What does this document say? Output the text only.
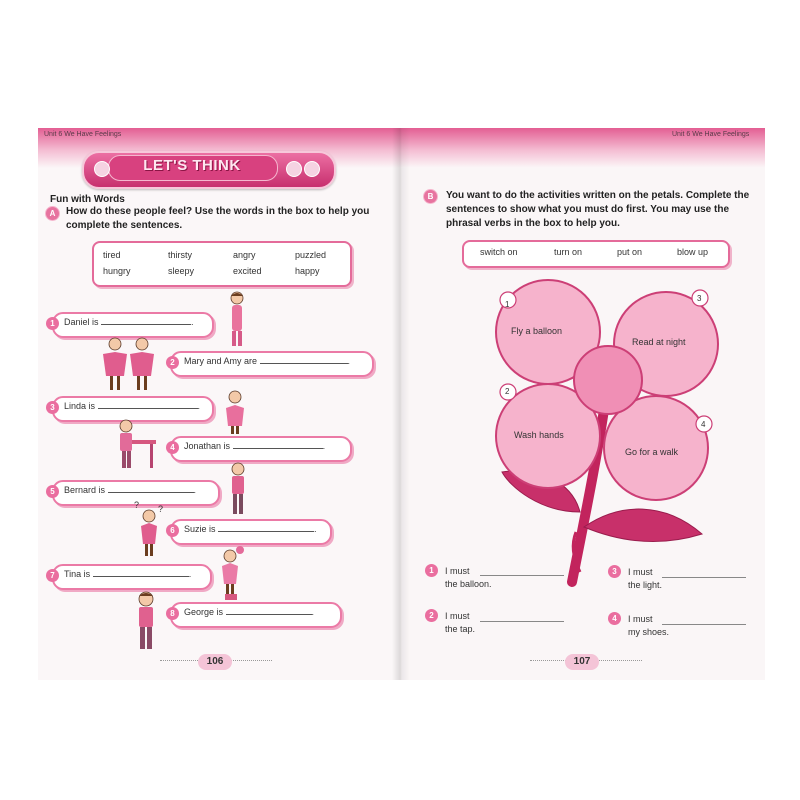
Unit 6 We Have Feelings
LET'S THINK
Fun with Words
A	How do these people feel? Use the words in the box to help you complete the sentences.
tired	thirsty	angry	puzzled
hungry	sleepy	excited	happy
1	Daniel is	.
2	Mary and Amy are	.
3	Linda is	.
4	Jonathan is	.
5	Bernard is	.
6	Suzie is	.
7	Tina is	.
8	George is	.
? ?
106
Unit 6 We Have Feelings
B	You want to do the activities written on the petals. Complete the sentences to show what you must do first. You may use the phrasal verbs in the box to help you.
switch on	turn on	put on	blow up
1
3
2
4
Fly a balloon
Read at night
Wash hands
Go for a walk
1	I must
the balloon.
3	I must
the light.
2	I must
the tap.
4	I must
my shoes.
107
